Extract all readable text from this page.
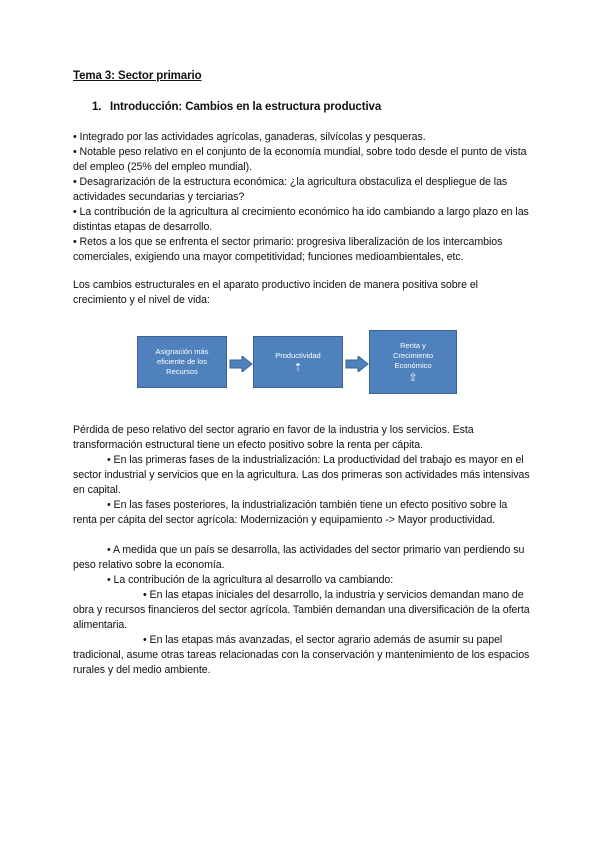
Tema 3: Sector primario
1. Introducción: Cambios en la estructura productiva
• Integrado por las actividades agrícolas, ganaderas, silvícolas y pesqueras.
• Notable peso relativo en el conjunto de la economía mundial, sobre todo desde el punto de vista del empleo (25% del empleo mundial).
• Desagrarización de la estructura económica: ¿la agricultura obstaculiza el despliegue de las actividades secundarias y terciarias?
• La contribución de la agricultura al crecimiento económico ha ido cambiando a largo plazo en las distintas etapas de desarrollo.
• Retos a los que se enfrenta el sector primario: progresiva liberalización de los intercambios comerciales, exigiendo una mayor competitividad; funciones medioambientales, etc.
Los cambios estructurales en el aparato productivo inciden de manera positiva sobre el crecimiento y el nivel de vida:
Asignación más eficiente de los Recursos
Productividad
⇡
Renta y Crecimiento Económico
⇧
Pérdida de peso relativo del sector agrario en favor de la industria y los servicios. Esta transformación estructural tiene un efecto positivo sobre la renta per cápita.
• En las primeras fases de la industrialización: La productividad del trabajo es mayor en el sector industrial y servicios que en la agricultura. Las dos primeras son actividades más intensivas en capital.
• En las fases posteriores, la industrialización también tiene un efecto positivo sobre la renta per cápita del sector agrícola: Modernización y equipamiento -> Mayor productividad.
• A medida que un país se desarrolla, las actividades del sector primario van perdiendo su peso relativo sobre la economía.
• La contribución de la agricultura al desarrollo va cambiando:
• En las etapas iniciales del desarrollo, la industria y servicios demandan mano de obra y recursos financieros del sector agrícola. También demandan una diversificación de la oferta alimentaria.
• En las etapas más avanzadas, el sector agrario además de asumir su papel tradicional, asume otras tareas relacionadas con la conservación y mantenimiento de los espacios rurales y del medio ambiente.
